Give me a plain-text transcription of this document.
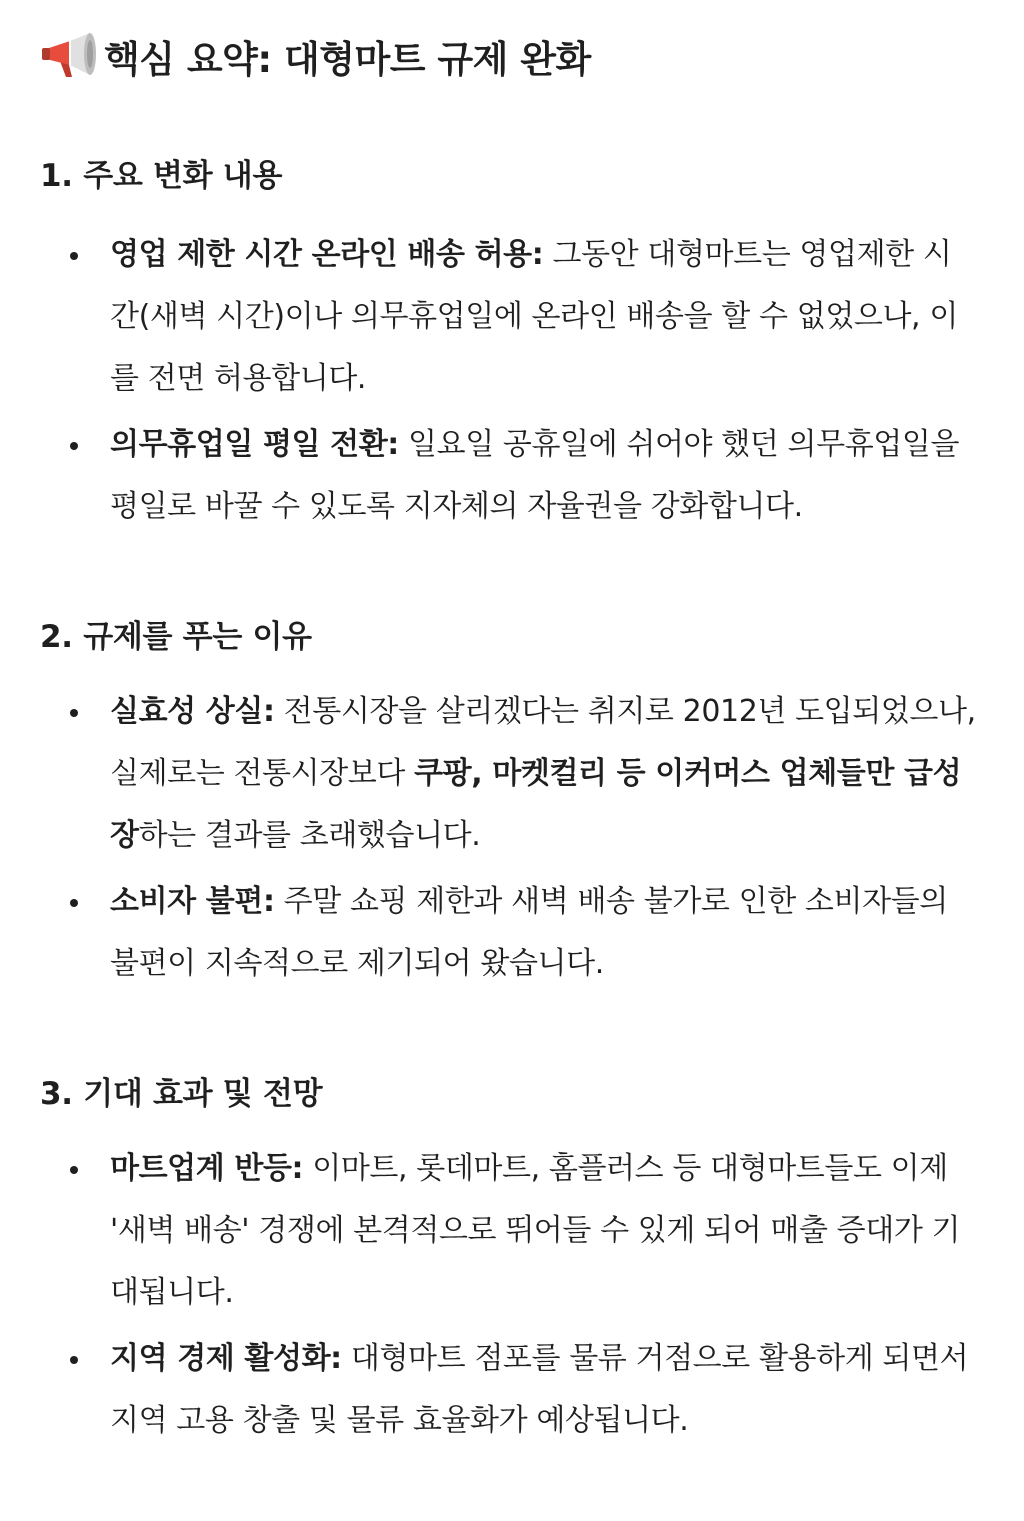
핵심 요약: 대형마트 규제 완화
1. 주요 변화 내용
영업 제한 시간 온라인 배송 허용: 그동안 대형마트는 영업제한 시간(새벽 시간)이나 의무휴업일에 온라인 배송을 할 수 없었으나, 이를 전면 허용합니다.
의무휴업일 평일 전환: 일요일 공휴일에 쉬어야 했던 의무휴업일을 평일로 바꿀 수 있도록 지자체의 자율권을 강화합니다.
2. 규제를 푸는 이유
실효성 상실: 전통시장을 살리겠다는 취지로 2012년 도입되었으나, 실제로는 전통시장보다 쿠팡, 마켓컬리 등 이커머스 업체들만 급성장하는 결과를 초래했습니다.
소비자 불편: 주말 쇼핑 제한과 새벽 배송 불가로 인한 소비자들의 불편이 지속적으로 제기되어 왔습니다.
3. 기대 효과 및 전망
마트업계 반등: 이마트, 롯데마트, 홈플러스 등 대형마트들도 이제 '새벽 배송' 경쟁에 본격적으로 뛰어들 수 있게 되어 매출 증대가 기대됩니다.
지역 경제 활성화: 대형마트 점포를 물류 거점으로 활용하게 되면서 지역 고용 창출 및 물류 효율화가 예상됩니다.
